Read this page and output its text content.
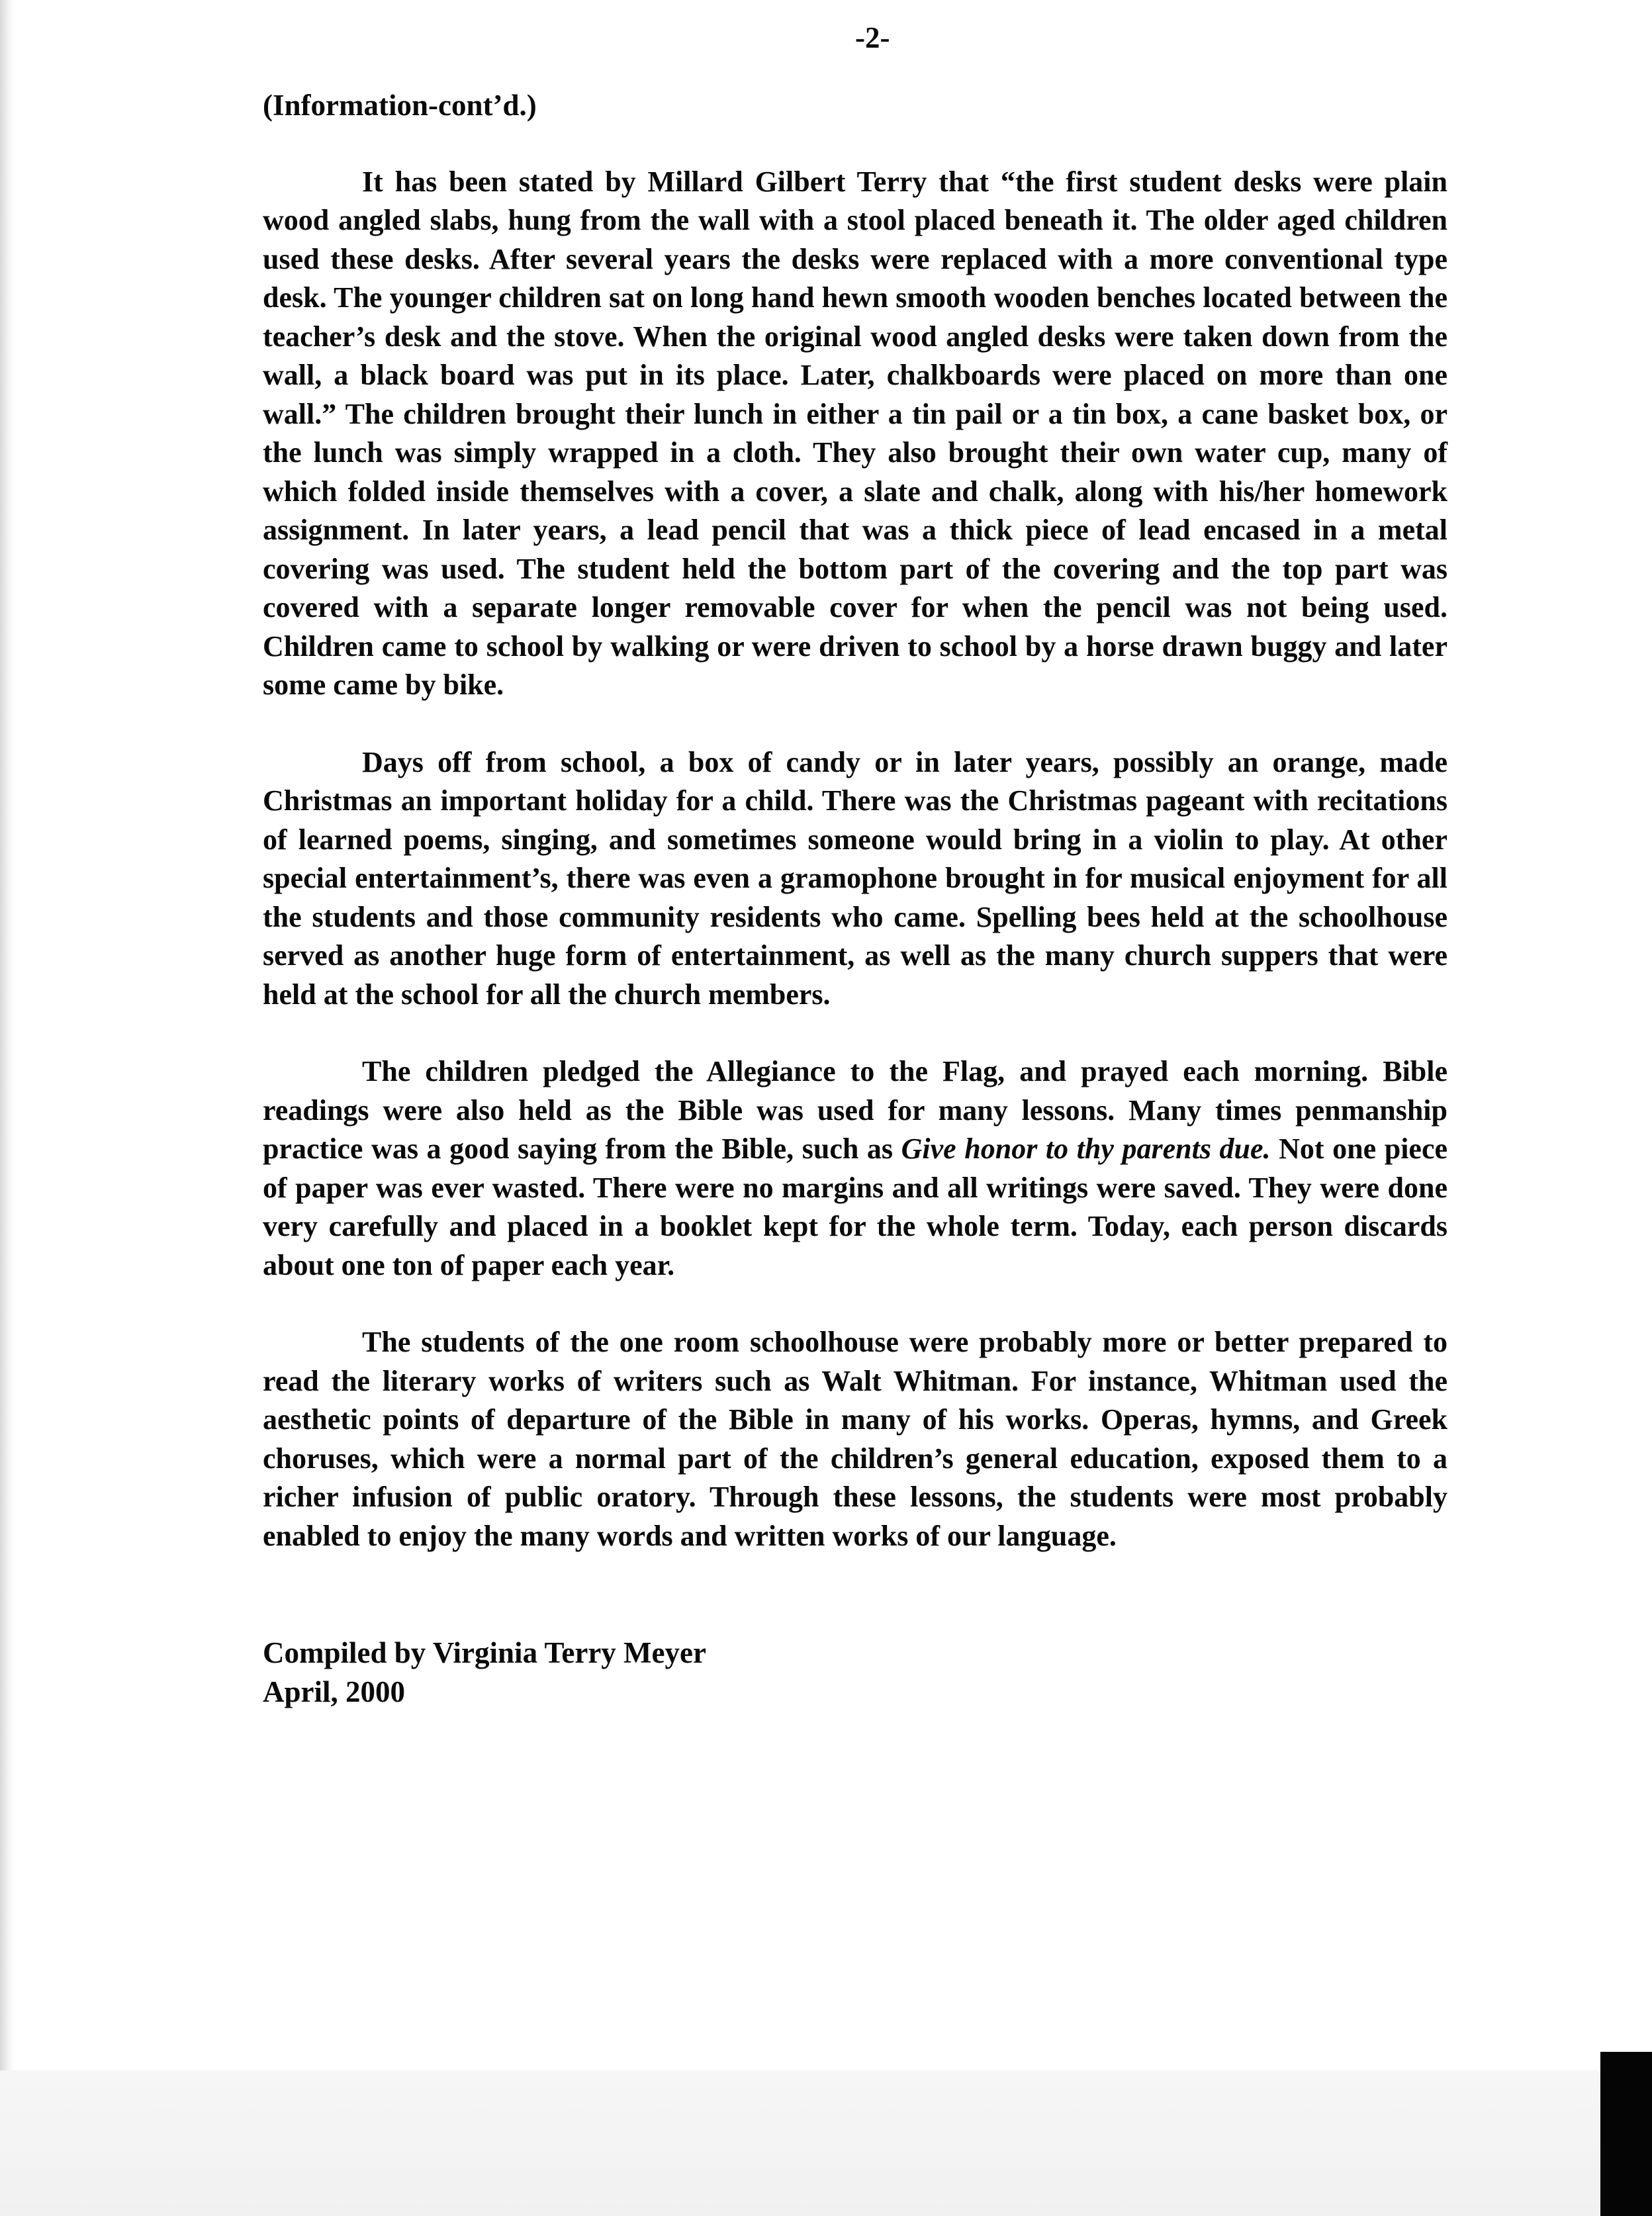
-2-
(Information-cont’d.)

It has been stated by Millard Gilbert Terry that “the first student desks were plain wood angled slabs, hung from the wall with a stool placed beneath it. The older aged children used these desks. After several years the desks were replaced with a more conventional type desk. The younger children sat on long hand hewn smooth wooden benches located between the teacher’s desk and the stove. When the original wood angled desks were taken down from the wall, a black board was put in its place. Later, chalkboards were placed on more than one wall.” The children brought their lunch in either a tin pail or a tin box, a cane basket box, or the lunch was simply wrapped in a cloth. They also brought their own water cup, many of which folded inside themselves with a cover, a slate and chalk, along with his/her homework assignment. In later years, a lead pencil that was a thick piece of lead encased in a metal covering was used. The student held the bottom part of the covering and the top part was covered with a separate longer removable cover for when the pencil was not being used. Children came to school by walking or were driven to school by a horse drawn buggy and later some came by bike.

Days off from school, a box of candy or in later years, possibly an orange, made Christmas an important holiday for a child. There was the Christmas pageant with recitations of learned poems, singing, and sometimes someone would bring in a violin to play. At other special entertainment’s, there was even a gramophone brought in for musical enjoyment for all the students and those community residents who came. Spelling bees held at the schoolhouse served as another huge form of entertainment, as well as the many church suppers that were held at the school for all the church members.

The children pledged the Allegiance to the Flag, and prayed each morning. Bible readings were also held as the Bible was used for many lessons. Many times penmanship practice was a good saying from the Bible, such as Give honor to thy parents due. Not one piece of paper was ever wasted. There were no margins and all writings were saved. They were done very carefully and placed in a booklet kept for the whole term. Today, each person discards about one ton of paper each year.

The students of the one room schoolhouse were probably more or better prepared to read the literary works of writers such as Walt Whitman. For instance, Whitman used the aesthetic points of departure of the Bible in many of his works. Operas, hymns, and Greek choruses, which were a normal part of the children’s general education, exposed them to a richer infusion of public oratory. Through these lessons, the students were most probably enabled to enjoy the many words and written works of our language.

Compiled by Virginia Terry Meyer
April, 2000
